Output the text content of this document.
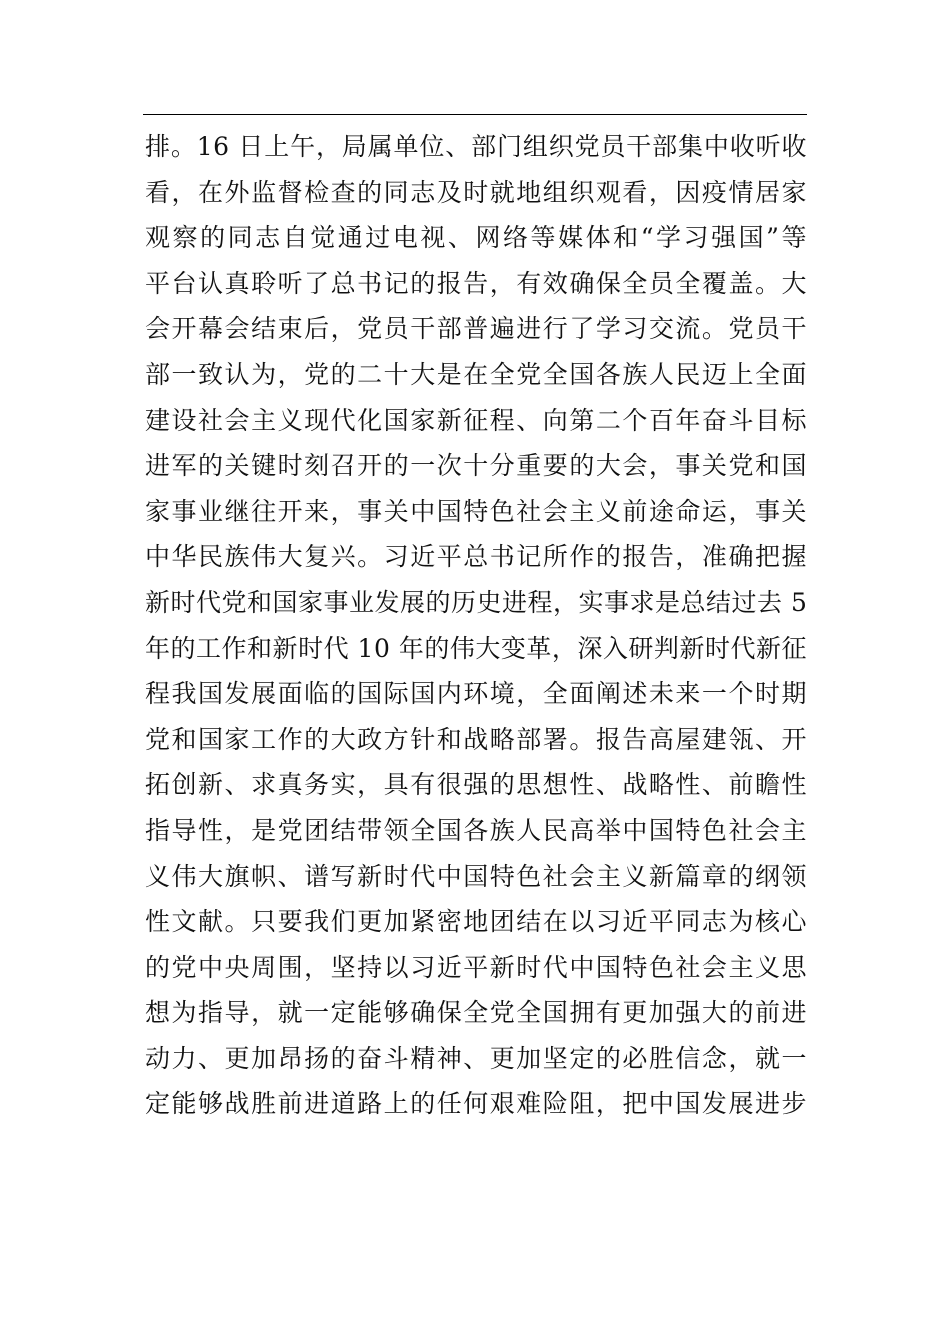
排。16 日上午，局属单位、部门组织党员干部集中收听收
看，在外监督检查的同志及时就地组织观看，因疫情居家
观察的同志自觉通过电视、网络等媒体和“学习强国”等
平台认真聆听了总书记的报告，有效确保全员全覆盖。大
会开幕会结束后，党员干部普遍进行了学习交流。党员干
部一致认为，党的二十大是在全党全国各族人民迈上全面
建设社会主义现代化国家新征程、向第二个百年奋斗目标
进军的关键时刻召开的一次十分重要的大会，事关党和国
家事业继往开来，事关中国特色社会主义前途命运，事关
中华民族伟大复兴。习近平总书记所作的报告，准确把握
新时代党和国家事业发展的历史进程，实事求是总结过去 5
年的工作和新时代 10 年的伟大变革，深入研判新时代新征
程我国发展面临的国际国内环境，全面阐述未来一个时期
党和国家工作的大政方针和战略部署。报告高屋建瓴、开
拓创新、求真务实，具有很强的思想性、战略性、前瞻性
指导性，是党团结带领全国各族人民高举中国特色社会主
义伟大旗帜、谱写新时代中国特色社会主义新篇章的纲领
性文献。只要我们更加紧密地团结在以习近平同志为核心
的党中央周围，坚持以习近平新时代中国特色社会主义思
想为指导，就一定能够确保全党全国拥有更加强大的前进
动力、更加昂扬的奋斗精神、更加坚定的必胜信念，就一
定能够战胜前进道路上的任何艰难险阻，把中国发展进步
